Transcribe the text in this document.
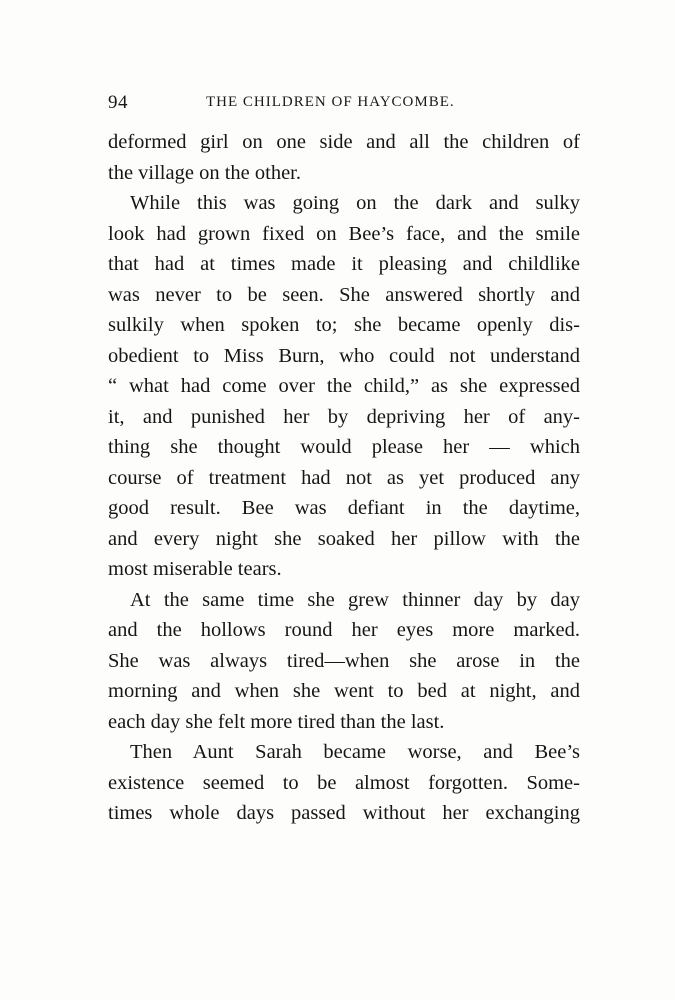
94	THE CHILDREN OF HAYCOMBE.
deformed girl on one side and all the children of
the village on the other.
While this was going on the dark and sulky
look had grown fixed on Bee’s face, and the smile
that had at times made it pleasing and childlike
was never to be seen. She answered shortly and
sulkily when spoken to; she became openly dis-
obedient to Miss Burn, who could not understand
“ what had come over the child,” as she expressed
it, and punished her by depriving her of any-
thing she thought would please her — which
course of treatment had not as yet produced any
good result. Bee was defiant in the daytime,
and every night she soaked her pillow with the
most miserable tears.
At the same time she grew thinner day by day
and the hollows round her eyes more marked.
She was always tired—when she arose in the
morning and when she went to bed at night, and
each day she felt more tired than the last.
Then Aunt Sarah became worse, and Bee’s
existence seemed to be almost forgotten. Some-
times whole days passed without her exchanging
